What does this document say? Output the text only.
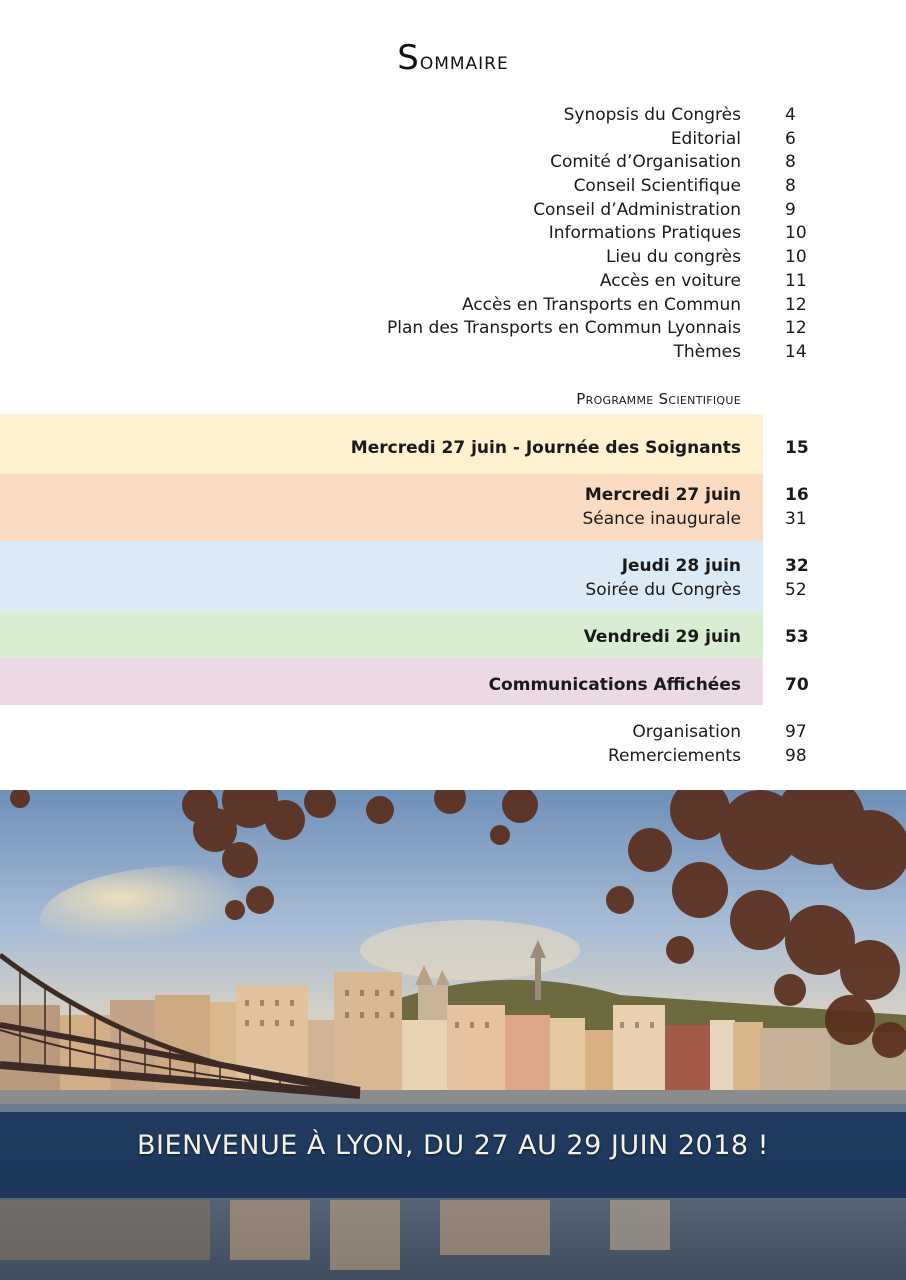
Sommaire
Synopsis du Congrès	4
Editorial	6
Comité d’Organisation	8
Conseil Scientifique	8
Conseil d’Administration	9
Informations Pratiques	10
Lieu du congrès	10
Accès en voiture	11
Accès en Transports en Commun	12
Plan des Transports en Commun Lyonnais	12
Thèmes	14
Programme Scientifique
Mercredi 27 juin - Journée des Soignants	15
Mercredi 27 juin	16
Séance inaugurale	31
Jeudi 28 juin	32
Soirée du Congrès	52
Vendredi 29 juin	53
Communications Affichées	70
Organisation	97
Remerciements	98
BIENVENUE À LYON, DU 27 AU 29 JUIN 2018 !
